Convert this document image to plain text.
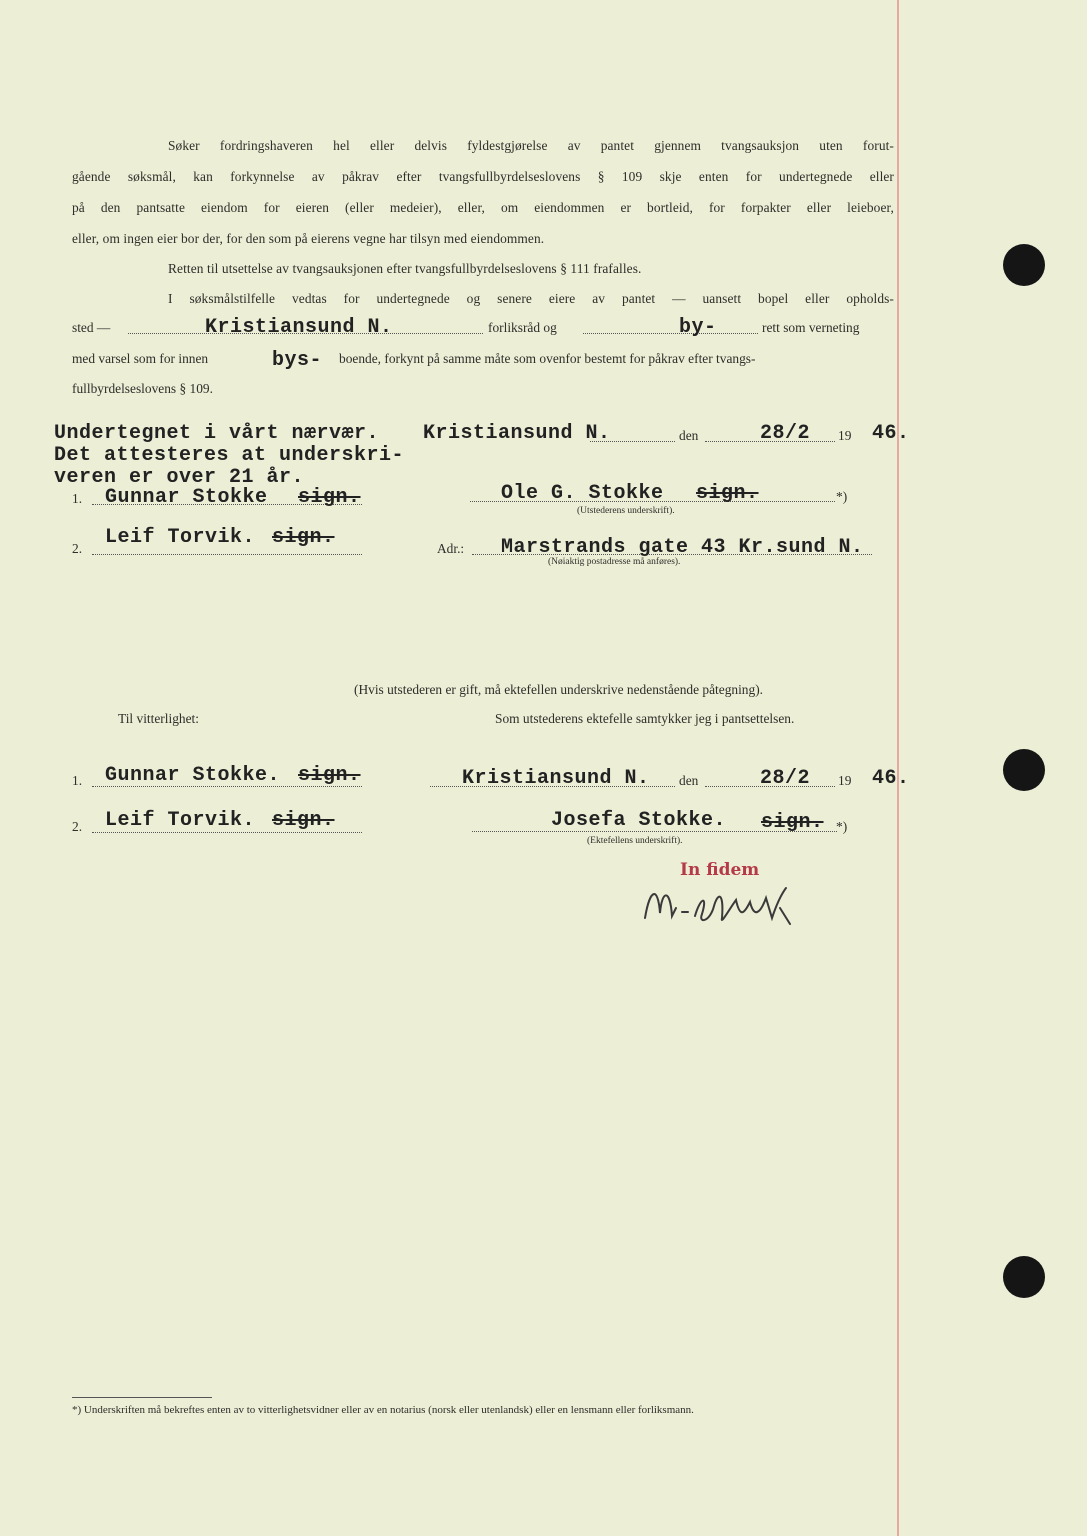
Søker fordringshaveren hel eller delvis fyldestgjørelse av pantet gjennem tvangsauksjon uten forut-
gående søksmål, kan forkynnelse av påkrav efter tvangsfullbyrdelseslovens § 109 skje enten for undertegnede eller
på den pantsatte eiendom for eieren (eller medeier), eller, om eiendommen er bortleid, for forpakter eller leieboer,
eller, om ingen eier bor der, for den som på eierens vegne har tilsyn med eiendommen.
Retten til utsettelse av tvangsauksjonen efter tvangsfullbyrdelseslovens § 111 frafalles.
I søksmålstilfelle vedtas for undertegnede og senere eiere av pantet — uansett bopel eller opholds-
sted —	Kristiansund N.	forliksråd og	by-	rett som verneting
med varsel som for innen	bys- boende, forkynt på samme måte som ovenfor bestemt for påkrav efter tvangs-
fullbyrdelseslovens § 109.
Undertegnet i vårt nærvær.
Det attesteres at underskri-
veren er over 21 år.
Kristiansund N.	den	28/2 19 46.
1. Gunnar Stokke sign.	Ole G. Stokke sign.	*)
(Utstederens underskrift).
2. Leif Torvik. sign.	Adr.: Marstrands gate 43 Kr.sund N.
(Nøiaktig postadresse må anføres).
(Hvis utstederen er gift, må ektefellen underskrive nedenstående påtegning).
Til vitterlighet:	Som utstederens ektefelle samtykker jeg i pantsettelsen.
1. Gunnar Stokke. sign.	Kristiansund N. den	28/2 19 46.
2. Leif Torvik. sign.	Josefa Stokke. sign. *)
(Ektefellens underskrift).
In fidem
*) Underskriften må bekreftes enten av to vitterlighetsvidner eller av en notarius (norsk eller utenlandsk) eller en lensmann eller forliksmann.
